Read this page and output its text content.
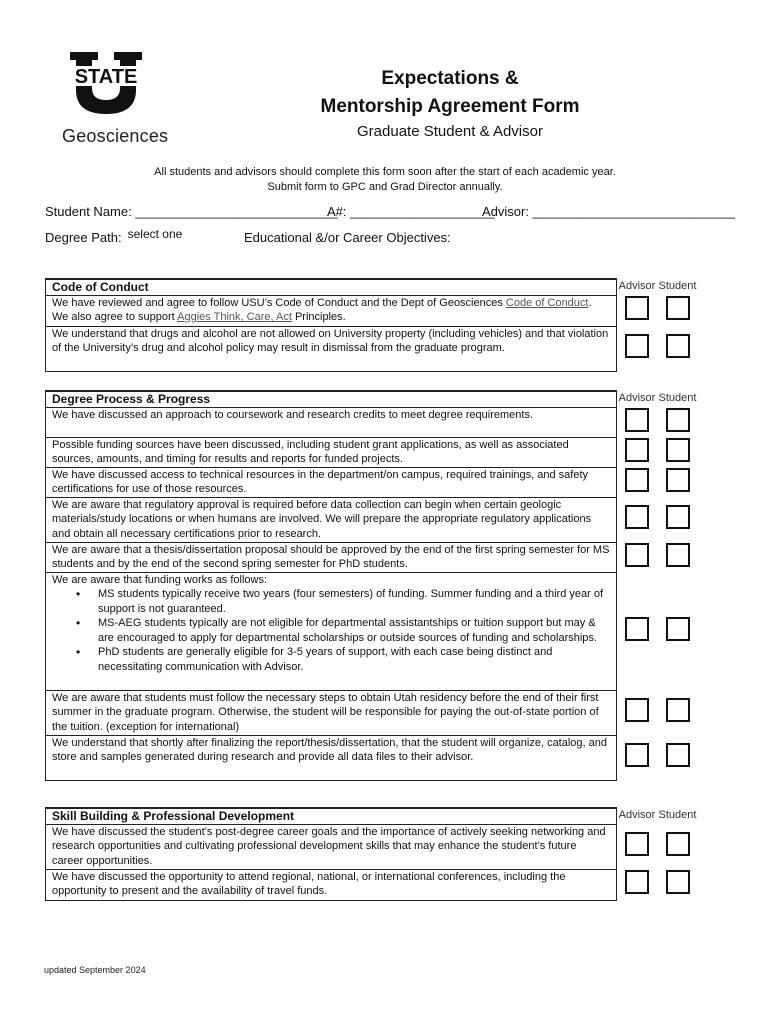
STATE
Geosciences
Expectations &
Mentorship Agreement Form
Graduate Student & Advisor
All students and advisors should complete this form soon after the start of each academic year.
Submit form to GPC and Grad Director annually.
Student Name: ____________________________
A#: ____________________
Advisor: ____________________________
Degree Path: select one	Educational &/or Career Objectives:
Code of Conduct	Advisor	Student
We have reviewed and agree to follow USU’s Code of Conduct and the Dept of Geosciences Code of Conduct. We also agree to support Aggies Think, Care, Act Principles.		
We understand that drugs and alcohol are not allowed on University property (including vehicles) and that violation of the University’s drug and alcohol policy may result in dismissal from the graduate program.		
Degree Process & Progress	Advisor	Student
We have discussed an approach to coursework and research credits to meet degree requirements.		
Possible funding sources have been discussed, including student grant applications, as well as associated sources, amounts, and timing for results and reports for funded projects.		
We have discussed access to technical resources in the department/on campus, required trainings, and safety certifications for use of those resources.		
We are aware that regulatory approval is required before data collection can begin when certain geologic materials/study locations or when humans are involved. We will prepare the appropriate regulatory applications and obtain all necessary certifications prior to research.		
We are aware that a thesis/dissertation proposal should be approved by the end of the first spring semester for MS students and by the end of the second spring semester for PhD students.		
We are aware that funding works as follows:
• MS students typically receive two years (four semesters) of funding. Summer funding and a third year of support is not guaranteed.
• MS-AEG students typically are not eligible for departmental assistantships or tuition support but may & are encouraged to apply for departmental scholarships or outside sources of funding and scholarships.
• PhD students are generally eligible for 3-5 years of support, with each case being distinct and necessitating communication with Advisor.

We are aware that students must follow the necessary steps to obtain Utah residency before the end of their first summer in the graduate program. Otherwise, the student will be responsible for paying the out-of-state portion of the tuition. (exception for international)		
We understand that shortly after finalizing the report/thesis/dissertation, that the student will organize, catalog, and store and samples generated during research and provide all data files to their advisor.		
Skill Building & Professional Development	Advisor	Student
We have discussed the student’s post-degree career goals and the importance of actively seeking networking and research opportunities and cultivating professional development skills that may enhance the student’s future career opportunities.		
We have discussed the opportunity to attend regional, national, or international conferences, including the opportunity to present and the availability of travel funds.		
updated September 2024
